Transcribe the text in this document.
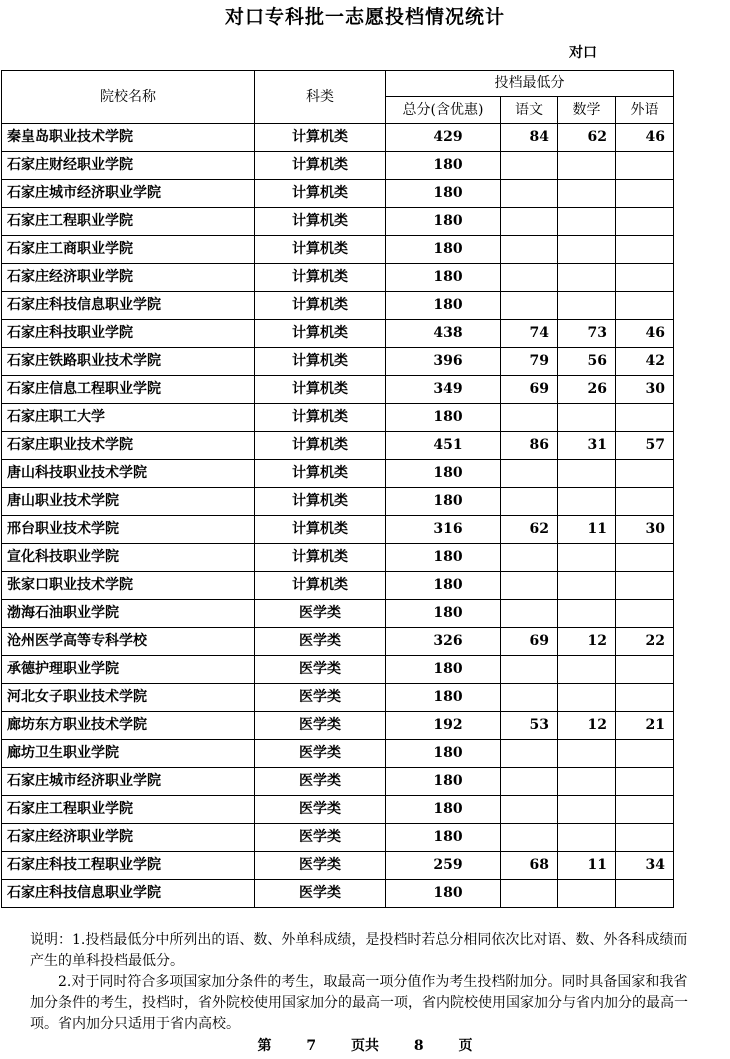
对口专科批一志愿投档情况统计
对口
院校名称	科类	投档最低分			
		总分(含优惠)	语文	数学	外语
秦皇岛职业技术学院	计算机类	429	84	62	46
石家庄财经职业学院	计算机类	180			
石家庄城市经济职业学院	计算机类	180			
石家庄工程职业学院	计算机类	180			
石家庄工商职业学院	计算机类	180			
石家庄经济职业学院	计算机类	180			
石家庄科技信息职业学院	计算机类	180			
石家庄科技职业学院	计算机类	438	74	73	46
石家庄铁路职业技术学院	计算机类	396	79	56	42
石家庄信息工程职业学院	计算机类	349	69	26	30
石家庄职工大学	计算机类	180			
石家庄职业技术学院	计算机类	451	86	31	57
唐山科技职业技术学院	计算机类	180			
唐山职业技术学院	计算机类	180			
邢台职业技术学院	计算机类	316	62	11	30
宣化科技职业学院	计算机类	180			
张家口职业技术学院	计算机类	180			
渤海石油职业学院	医学类	180			
沧州医学高等专科学校	医学类	326	69	12	22
承德护理职业学院	医学类	180			
河北女子职业技术学院	医学类	180			
廊坊东方职业技术学院	医学类	192	53	12	21
廊坊卫生职业学院	医学类	180			
石家庄城市经济职业学院	医学类	180			
石家庄工程职业学院	医学类	180			
石家庄经济职业学院	医学类	180			
石家庄科技工程职业学院	医学类	259	68	11	34
石家庄科技信息职业学院	医学类	180			

说明：1.投档最低分中所列出的语、数、外单科成绩，是投档时若总分相同依次比对语、数、外各科成绩而产生的单科投档最低分。

2.对于同时符合多项国家加分条件的考生，取最高一项分值作为考生投档附加分。同时具备国家和我省加分条件的考生，投档时，省外院校使用国家加分的最高一项，省内院校使用国家加分与省内加分的最高一项。省内加分只适用于省内高校。

第 7 页共 8 页
